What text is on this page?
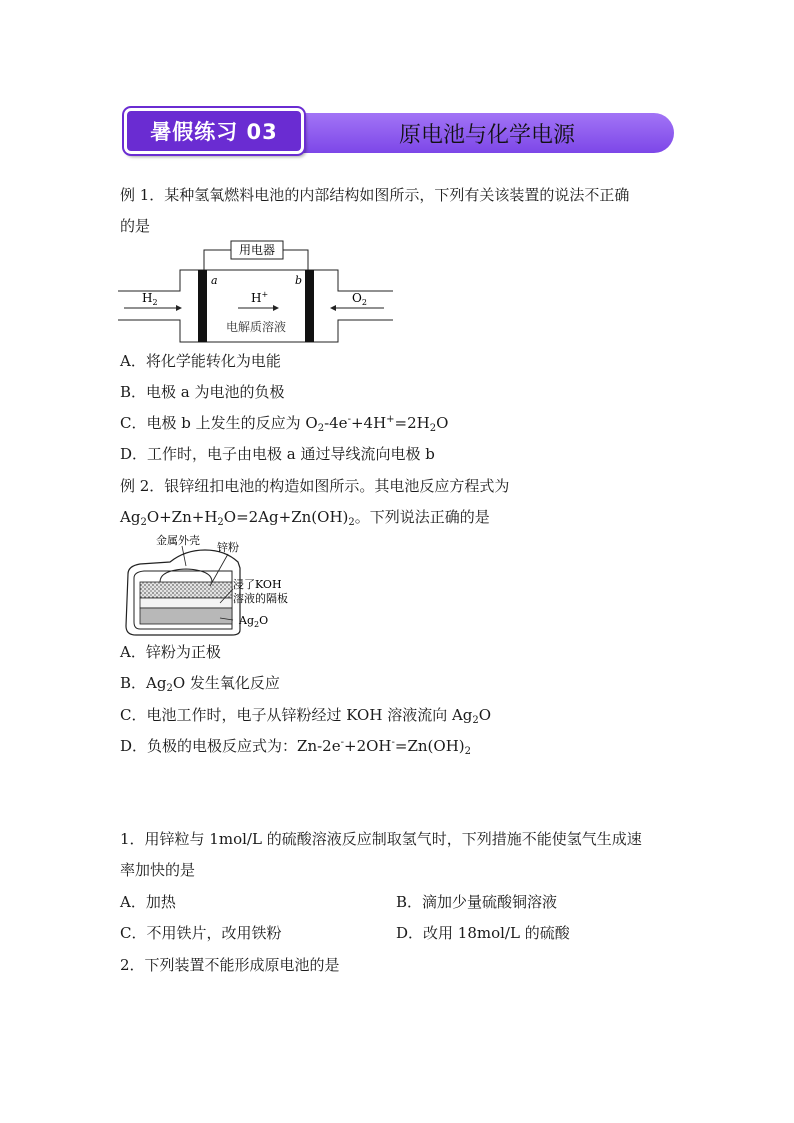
暑假练习 03	原电池与化学电源
例 1．某种氢氧燃料电池的内部结构如图所示，下列有关该装置的说法不正确
的是
用电器
a	b
$H_2$	$O_2$
H+
电解质溶液
A．将化学能转化为电能
B．电极 a 为电池的负极
C．电极 b 上发生的反应为 $O_2-4e^-+4H^+=2H_2O$
D．工作时，电子由电极 a 通过导线流向电极 b
例 2．银锌纽扣电池的构造如图所示。其电池反应方程式为
$Ag_2O+Zn+H_2O=2Ag+Zn(OH)_2$。下列说法正确的是
金属外壳
锌粉
浸了KOH
溶液的隔板
$Ag_2O$
A．锌粉为正极
B．$Ag_2O$ 发生氧化反应
C．电池工作时，电子从锌粉经过 KOH 溶液流向 $Ag_2O$
D．负极的电极反应式为：$Zn-2e^-+2OH^-=Zn(OH)_2$
1．用锌粒与 1mol/L 的硫酸溶液反应制取氢气时，下列措施不能使氢气生成速
率加快的是
A．加热	B．滴加少量硫酸铜溶液
C．不用铁片，改用铁粉	D．改用 18mol/L 的硫酸
2．下列装置不能形成原电池的是
